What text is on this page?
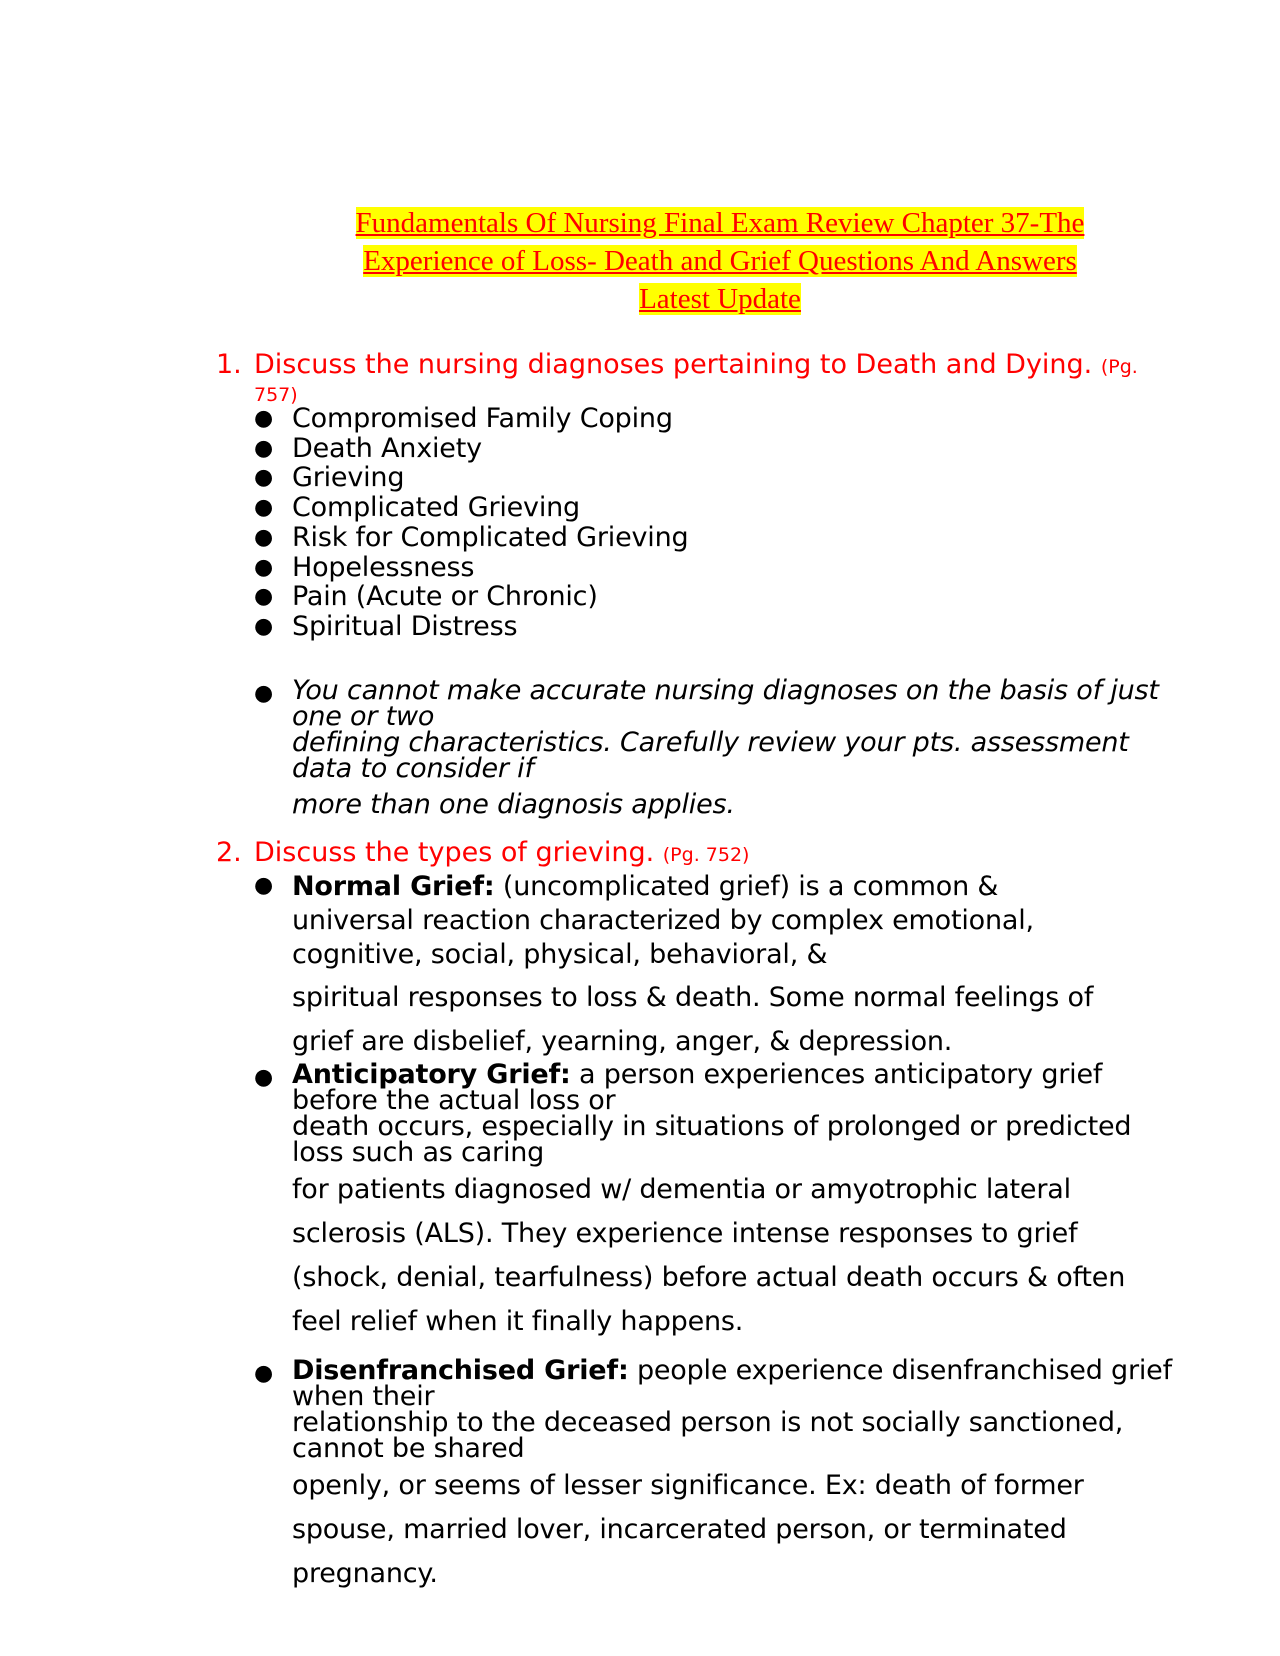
Fundamentals Of Nursing Final Exam Review Chapter 37-The
Experience of Loss- Death and Grief Questions And Answers
Latest Update
1. Discuss the nursing diagnoses pertaining to Death and Dying. (Pg.
757)
● Compromised Family Coping
● Death Anxiety
● Grieving
● Complicated Grieving
● Risk for Complicated Grieving
● Hopelessness
● Pain (Acute or Chronic)
● Spiritual Distress
● You cannot make accurate nursing diagnoses on the basis of just
one or two
defining characteristics. Carefully review your pts. assessment
data to consider if
more than one diagnosis applies.
2. Discuss the types of grieving. (Pg. 752)
● Normal Grief: (uncomplicated grief) is a common &
universal reaction characterized by complex emotional,
cognitive, social, physical, behavioral, &
spiritual responses to loss & death. Some normal feelings of
grief are disbelief, yearning, anger, & depression.
● Anticipatory Grief: a person experiences anticipatory grief
before the actual loss or
death occurs, especially in situations of prolonged or predicted
loss such as caring
for patients diagnosed w/ dementia or amyotrophic lateral
sclerosis (ALS). They experience intense responses to grief
(shock, denial, tearfulness) before actual death occurs & often
feel relief when it finally happens.
● Disenfranchised Grief: people experience disenfranchised grief
when their
relationship to the deceased person is not socially sanctioned,
cannot be shared
openly, or seems of lesser significance. Ex: death of former
spouse, married lover, incarcerated person, or terminated
pregnancy.
